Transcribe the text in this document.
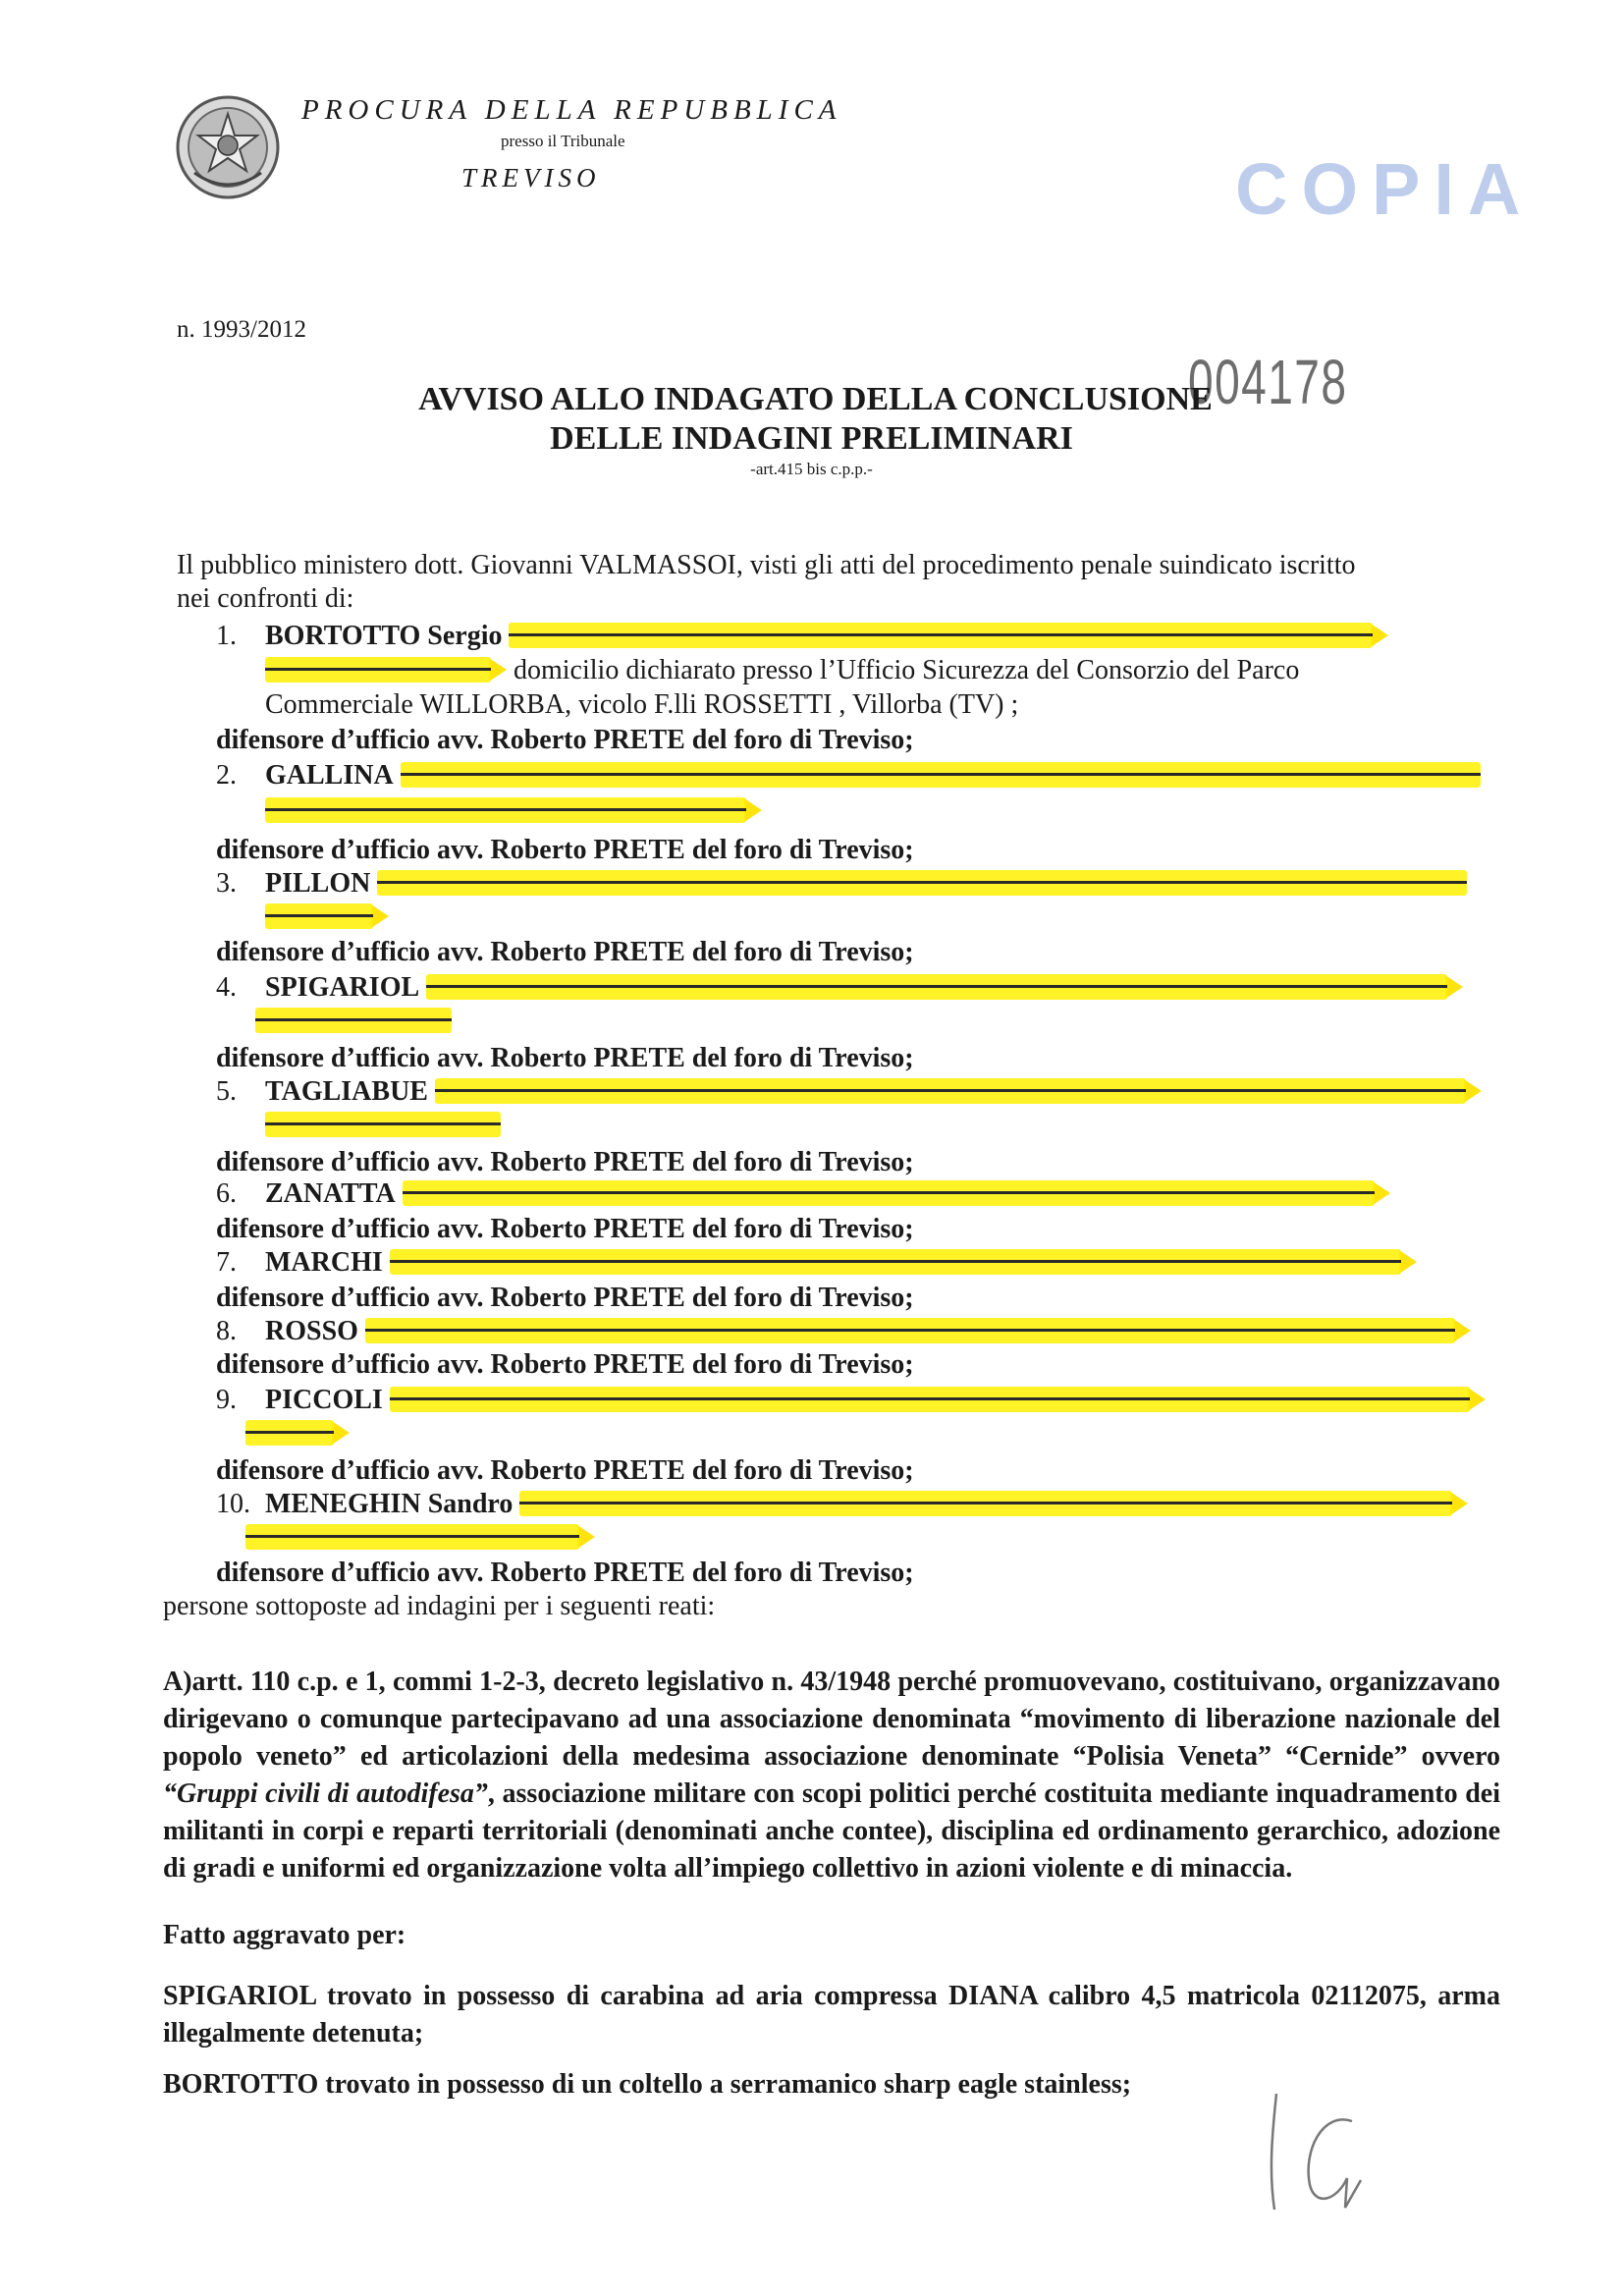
PROCURA DELLA REPUBBLICA
presso il Tribunale
TREVISO	COPIA
n. 1993/2012
004178
AVVISO ALLO INDAGATO DELLA CONCLUSIONE
DELLE INDAGINI PRELIMINARI
-art.415 bis c.p.p.-
Il pubblico ministero dott. Giovanni VALMASSOI, visti gli atti del procedimento penale suindicato iscritto
nei confronti di:
1. BORTOTTO Sergio
domicilio dichiarato presso l’Ufficio Sicurezza del Consorzio del Parco
Commerciale WILLORBA, vicolo F.lli ROSSETTI , Villorba (TV) ;
difensore d’ufficio avv. Roberto PRETE del foro di Treviso;
2. GALLINA
difensore d’ufficio avv. Roberto PRETE del foro di Treviso;
3. PILLON
difensore d’ufficio avv. Roberto PRETE del foro di Treviso;
4. SPIGARIOL
difensore d’ufficio avv. Roberto PRETE del foro di Treviso;
5. TAGLIABUE
difensore d’ufficio avv. Roberto PRETE del foro di Treviso;
6. ZANATTA
difensore d’ufficio avv. Roberto PRETE del foro di Treviso;
7. MARCHI
difensore d’ufficio avv. Roberto PRETE del foro di Treviso;
8. ROSSO
difensore d’ufficio avv. Roberto PRETE del foro di Treviso;
9. PICCOLI
difensore d’ufficio avv. Roberto PRETE del foro di Treviso;
10. MENEGHIN Sandro
difensore d’ufficio avv. Roberto PRETE del foro di Treviso;
persone sottoposte ad indagini per i seguenti reati:
A)artt. 110 c.p. e 1, commi 1-2-3, decreto legislativo n. 43/1948 perché promuovevano, costituivano, organizzavano dirigevano o comunque partecipavano ad una associazione denominata “movimento di liberazione nazionale del popolo veneto” ed articolazioni della medesima associazione denominate “Polisia Veneta” “Cernide” ovvero “Gruppi civili di autodifesa”, associazione militare con scopi politici perché costituita mediante inquadramento dei militanti in corpi e reparti territoriali (denominati anche contee), disciplina ed ordinamento gerarchico, adozione di gradi e uniformi ed organizzazione volta all’impiego collettivo in azioni violente e di minaccia.
Fatto aggravato per:
SPIGARIOL trovato in possesso di carabina ad aria compressa DIANA calibro 4,5 matricola 02112075, arma illegalmente detenuta;
BORTOTTO trovato in possesso di un coltello a serramanico sharp eagle stainless;
